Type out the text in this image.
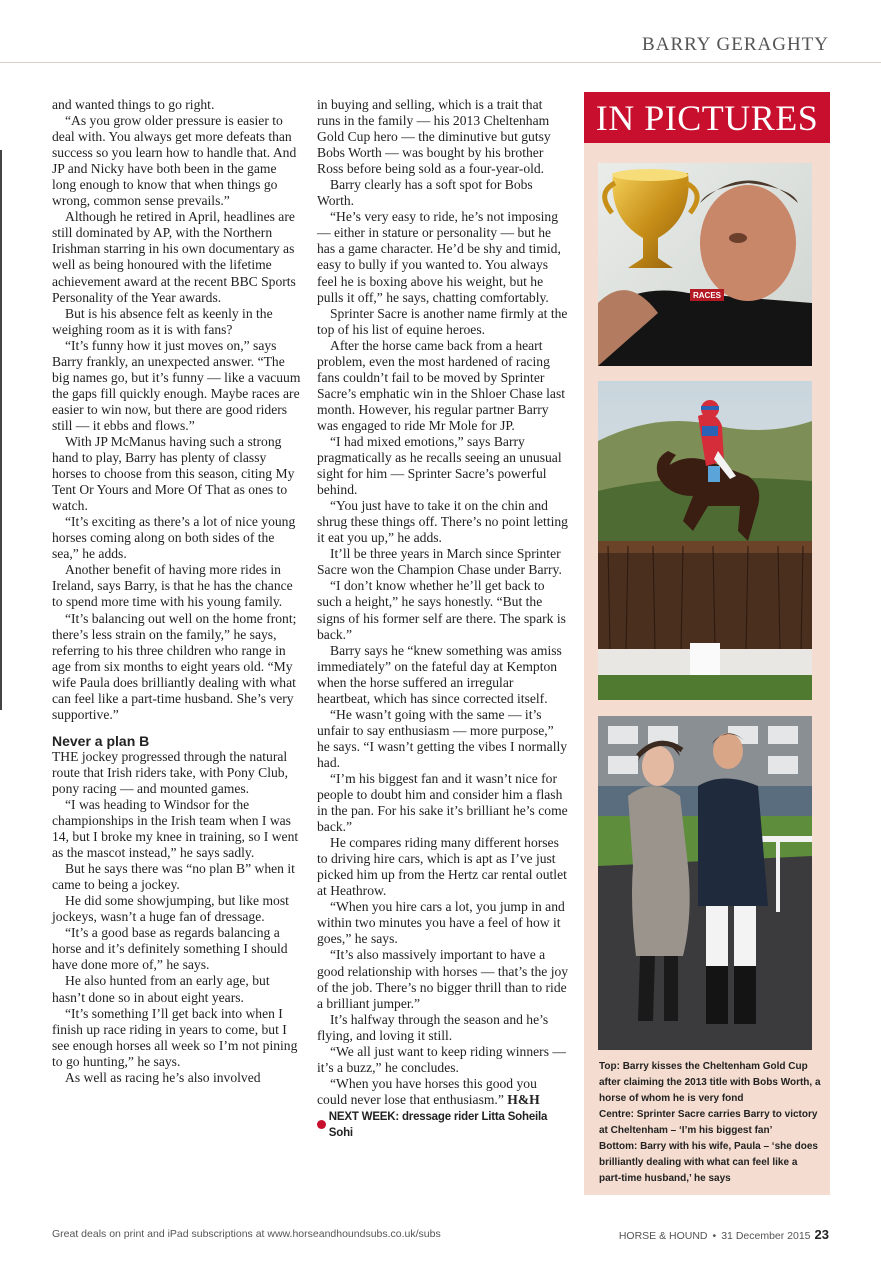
BARRY GERAGHTY

and wanted things to go right.

“As you grow older pressure is easier to deal with. You always get more defeats than success so you learn how to handle that. And JP and Nicky have both been in the game long enough to know that when things go wrong, common sense prevails.”

Although he retired in April, headlines are still dominated by AP, with the Northern Irishman starring in his own documentary as well as being honoured with the lifetime achievement award at the recent BBC Sports Personality of the Year awards.

But is his absence felt as keenly in the weighing room as it is with fans?

“It’s funny how it just moves on,” says Barry frankly, an unexpected answer. “The big names go, but it’s funny — like a vacuum the gaps fill quickly enough. Maybe races are easier to win now, but there are good riders still — it ebbs and flows.”

With JP McManus having such a strong hand to play, Barry has plenty of classy horses to choose from this season, citing My Tent Or Yours and More Of That as ones to watch.

“It’s exciting as there’s a lot of nice young horses coming along on both sides of the sea,” he adds.

Another benefit of having more rides in Ireland, says Barry, is that he has the chance to spend more time with his young family.

“It’s balancing out well on the home front; there’s less strain on the family,” he says, referring to his three children who range in age from six months to eight years old. “My wife Paula does brilliantly dealing with what can feel like a part-time husband. She’s very supportive.”

Never a plan B

THE jockey progressed through the natural route that Irish riders take, with Pony Club, pony racing — and mounted games.

“I was heading to Windsor for the championships in the Irish team when I was 14, but I broke my knee in training, so I went as the mascot instead,” he says sadly.

But he says there was “no plan B” when it came to being a jockey.

He did some showjumping, but like most jockeys, wasn’t a huge fan of dressage.

“It’s a good base as regards balancing a horse and it’s definitely something I should have done more of,” he says.

He also hunted from an early age, but hasn’t done so in about eight years.

“It’s something I’ll get back into when I finish up race riding in years to come, but I see enough horses all week so I’m not pining to go hunting,” he says.

As well as racing he’s also involved

in buying and selling, which is a trait that runs in the family — his 2013 Cheltenham Gold Cup hero — the diminutive but gutsy Bobs Worth — was bought by his brother Ross before being sold as a four-year-old.

Barry clearly has a soft spot for Bobs Worth.

“He’s very easy to ride, he’s not imposing — either in stature or personality — but he has a game character. He’d be shy and timid, easy to bully if you wanted to. You always feel he is boxing above his weight, but he pulls it off,” he says, chatting comfortably.

Sprinter Sacre is another name firmly at the top of his list of equine heroes.

After the horse came back from a heart problem, even the most hardened of racing fans couldn’t fail to be moved by Sprinter Sacre’s emphatic win in the Shloer Chase last month. However, his regular partner Barry was engaged to ride Mr Mole for JP.

“I had mixed emotions,” says Barry pragmatically as he recalls seeing an unusual sight for him — Sprinter Sacre’s powerful behind.

“You just have to take it on the chin and shrug these things off. There’s no point letting it eat you up,” he adds.

It’ll be three years in March since Sprinter Sacre won the Champion Chase under Barry.

“I don’t know whether he’ll get back to such a height,” he says honestly. “But the signs of his former self are there. The spark is back.”

Barry says he “knew something was amiss immediately” on the fateful day at Kempton when the horse suffered an irregular heartbeat, which has since corrected itself.

“He wasn’t going with the same — it’s unfair to say enthusiasm — more purpose,” he says. “I wasn’t getting the vibes I normally had.

“I’m his biggest fan and it wasn’t nice for people to doubt him and consider him a flash in the pan. For his sake it’s brilliant he’s come back.”

He compares riding many different horses to driving hire cars, which is apt as I’ve just picked him up from the Hertz car rental outlet at Heathrow.

“When you hire cars a lot, you jump in and within two minutes you have a feel of how it goes,” he says.

“It’s also massively important to have a good relationship with horses — that’s the joy of the job. There’s no bigger thrill than to ride a brilliant jumper.”

It’s halfway through the season and he’s flying, and loving it still.

“We all just want to keep riding winners — it’s a buzz,” he concludes.

“When you have horses this good you could never lose that enthusiasm.” H&H

NEXT WEEK: dressage rider Litta Soheila Sohi
IN PICTURES
RACES

Top: Barry kisses the Cheltenham Gold Cup after claiming the 2013 title with Bobs Worth, a horse of whom he is very fond

Centre: Sprinter Sacre carries Barry to victory at Cheltenham – ‘I’m his biggest fan’

Bottom: Barry with his wife, Paula – ‘she does brilliantly dealing with what can feel like a part-time husband,’ he says

Great deals on print and iPad subscriptions at www.horseandhoundsubs.co.uk/subs	HORSE & HOUND • 31 December 2015 23
